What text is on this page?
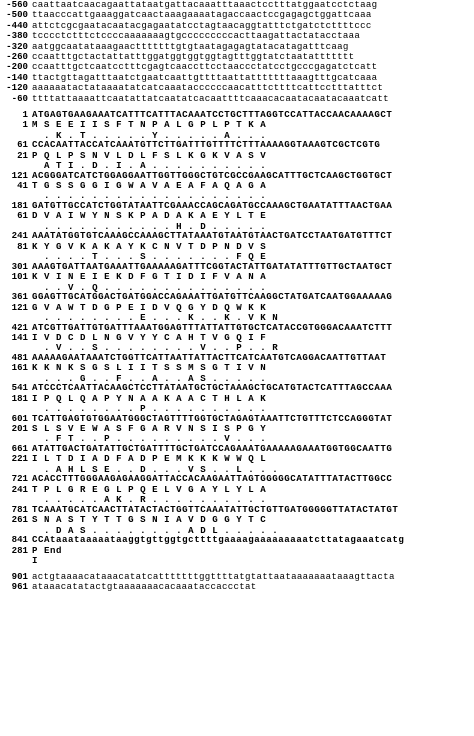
-560 caattaatcaacagaattataatgattacaaatttaaactcctttatggaatcctctaag
-500 ttaacccattgaaaggatcaactaaagaaaatagaccaactccgagagctggattcaaa
-440 attctcgcgaatacaatacgagaatatcctagtaacaggtatttctgatctcttttccc
-380 tcccctctttctccccaaaaaaagtgcccccccccacttaagattactatacctaaa
-320 aatggcaatataaagaactttttttgtgtaatagagagtatacatagatttcaag
-260 ccaatttgctactattatttggatggtggtggtagtttggtatctaatattttttt
-200 ccaatttgctcaatcctttcgagtcaaccttcctaaccctatcctgcccgagatctcatt
-140 ttactgttagatttaatctgaatcaattgttttaattatttttttaaagtttgcatcaaa
-120 aaaaaatactataaaatatcatcaaataccccccaacatttcttttcattcctttatttct
-60 ttttattaaaattcaatattatcaatatcacaattttcaaacacaatacaatacaaatcatt
1 ATGAGTGAAGAAATCATTTCATTTACAAATCCTGCTTTAGGTCCATTACCAACAAAAGCT
1 M S E E I I S F T N P A L G P L P T K A
. K . T . . . . . Y . . . . . A . . .
61 CCACAATTACCATCAAATGTTCTTGATTTGTTTTCTTTAAAAGGTAAAGTCGCTCGTG
21 P Q L P S N V L D L F S L K G K V A S V
A T I . D . I . A . . . . . . . . . .
121 ACGGGATCATCTGGAGGAATTGGTTGGGCTGTCGCCGAAGCATTTGCTCAAGCTGGTGCT
41 T G S S G G I G W A V A E A F A Q A G A
. . . . . . . . . . . . . . . . . . .
181 GATGTTGCCATCTGGTATAATTCGAAACCAGCAGATGCCAAAGCTGAATATTTAACTGAA
61 D V A I W Y N S K P A D A K A E Y L T E
. . . . . . . . . . . H . D . . . . .
241 AAATATGGTGTCAAAGCCAAAGCTTATAAATGTAATGTAACTGATCCTAATGATGTTTCT
81 K Y G V K A K A Y K C N V T D P N D V S
. . . . T . . . S . . . . . . . F Q E
301 AAAGTGATTAATGAAATTGAAAAAGATTTCGGTACTATTGATATATTTGTTGCTAATGCT
101 K V I N E I E K D F G T I D I F V A N A
. . V . Q . . . . . . . . . . . . . .
361 GGAGTTGCATGGACTGATGGACCAGAAATTGATGTTCAAGGCTATGATCAATGGAAAAAG
121 G V A W T D G P E I D V Q G Y D Q W K K
. . . . . . . . E . . . K . . K . V K N
421 ATCGTTGATTGTGATTTAAATGGAGTTTATTATTGTGCTCATACCGTGGGACAAATCTTT
141 I V D C D L N G V Y Y C A H T V G Q I F
. V . . S . . . . . . . . V . . P . . R
481 AAAAAGAATAAATCTGGTTCATTAATTATTACTTCATCAATGTCAGGACAATTGTTAAT
161 K K N K S G S L I I T S S M S G T I V N
. . . G . . F . . A . . A S . . . . .
541 ATCCCTCAATTACAAGCTCCTTATAATGCTGCTAAAGCTGCATGTACTCATTTAGCCAAA
181 I P Q L Q A P Y N A A K A A C T H L A K
. . . . . . . . P . . . . . . . . . .
601 TCATTGAGTGTGGAATGGGCTAGTTTTGGTGCTAGAGTAAATTCTGTTTCTCCAGGGTAT
201 S L S V E W A S F G A R V N S I S P G Y
. F T . . P . . . . . . . . . V . . .
661 ATATTGACTGATATTGCTGATTTTGCTGATCCAGAAATGAAAAAGAAATGGTGGCAATTG
221 I L T D I A D F A D P E M K K K W W Q L
. A H L S E . . D . . . V S . . L . . .
721 ACACCTTTGGGAAGAGAAGGATTACCACAAGAATTAGTGGGGGCATATTTATACTTGGCC
241 T P L G R E G L P Q E L V G A Y L Y L A
. . . . . A K . R . . . . . . . . . .
781 TCAAATGCATCAACTTATACTACTGGTTCAAATATTGCTGTTGATGGGGGTTATACTATGT
261 S N A S T Y T T G S N I A V D G G Y T C
. D A S . . . . . . . . A D L . . . . .
841 CCAtaaataaaaataaggtgttggtgcttttgaaaagaaaaaaaaatcttatagaaatcatg
281 P End
I
901 actgtaaaacataaacatatcatttttttggttttatgtattaataaaaaaataaagttacta
961 ataaacatatactgtaaaaaaacacaaataccaccctat
